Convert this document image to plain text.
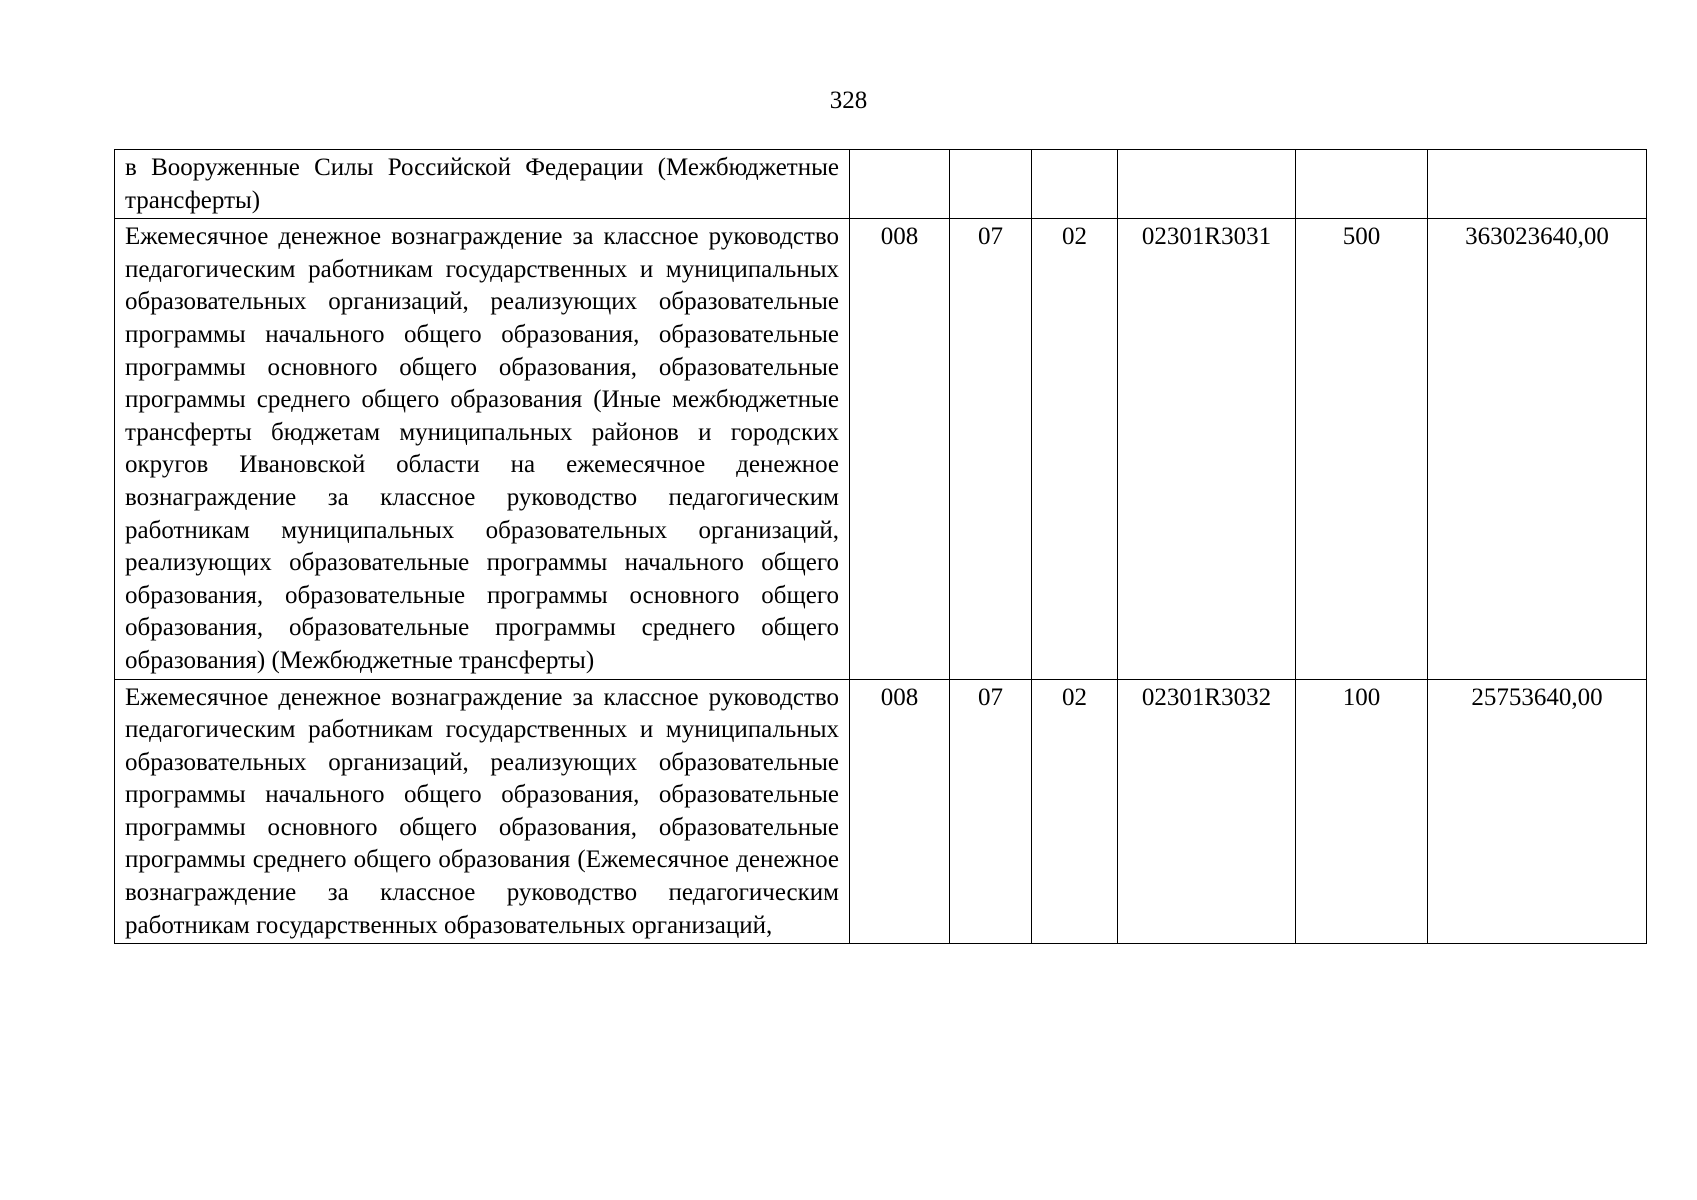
328
в Вооруженные Силы Российской Федерации (Межбюджетные трансферты)						
Ежемесячное денежное вознаграждение за классное руководство педагогическим работникам государственных и муниципальных образовательных организаций, реализующих образовательные программы начального общего образования, образовательные программы основного общего образования, образовательные программы среднего общего образования (Иные межбюджетные трансферты бюджетам муниципальных районов и городских округов Ивановской области на ежемесячное денежное вознаграждение за классное руководство педагогическим работникам муниципальных образовательных организаций, реализующих образовательные программы начального общего образования, образовательные программы основного общего образования, образовательные программы среднего общего образования) (Межбюджетные трансферты)	008	07	02	02301R3031	500	363023640,00
Ежемесячное денежное вознаграждение за классное руководство педагогическим работникам государственных и муниципальных образовательных организаций, реализующих образовательные программы начального общего образования, образовательные программы основного общего образования, образовательные программы среднего общего образования (Ежемесячное денежное вознаграждение за классное руководство педагогическим работникам государственных образовательных организаций,	008	07	02	02301R3032	100	25753640,00
